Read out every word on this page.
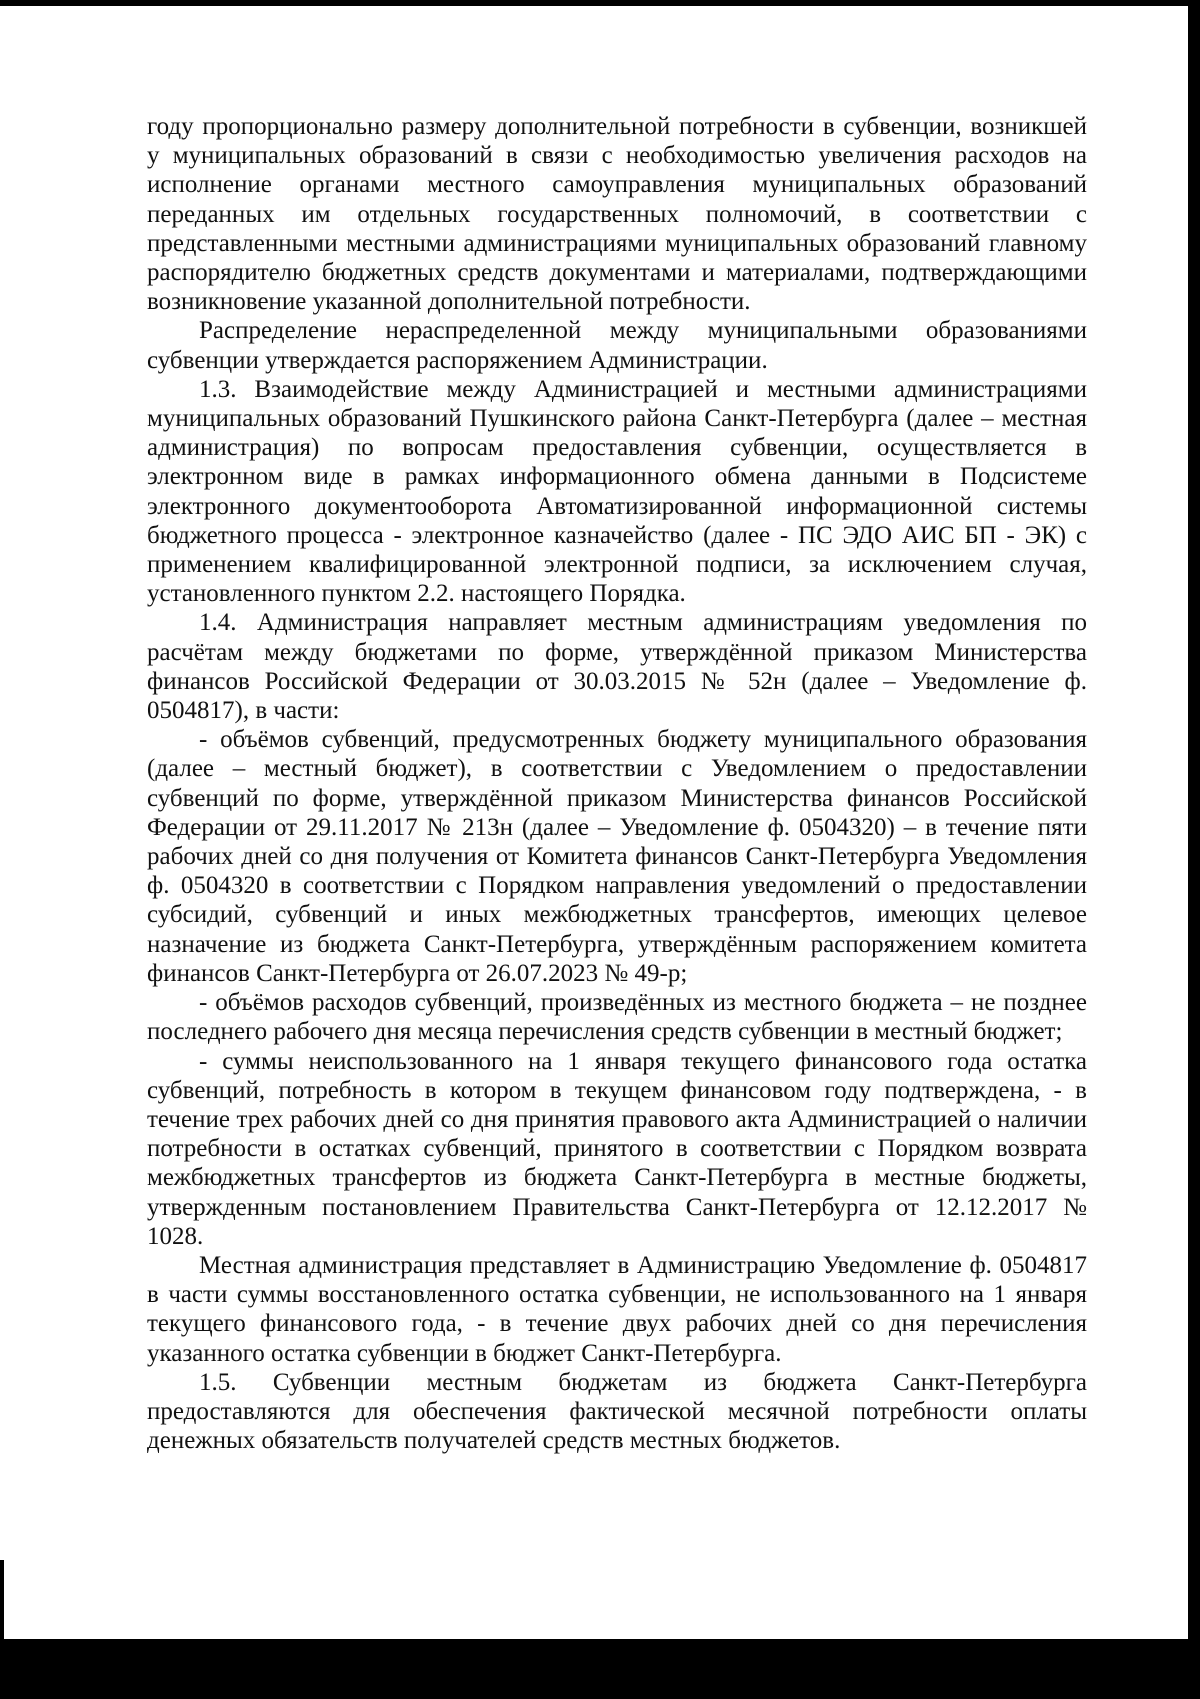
году пропорционально размеру дополнительной потребности в субвенции, возникшей у муниципальных образований в связи с необходимостью увеличения расходов на исполнение органами местного самоуправления муниципальных образований переданных им отдельных государственных полномочий, в соответствии с представленными местными администрациями муниципальных образований главному распорядителю бюджетных средств документами и материалами, подтверждающими возникновение указанной дополнительной потребности.

Распределение нераспределенной между муниципальными образованиями субвенции утверждается распоряжением Администрации.

1.3. Взаимодействие между Администрацией и местными администрациями муниципальных образований Пушкинского района Санкт-Петербурга (далее – местная администрация) по вопросам предоставления субвенции, осуществляется в электронном виде в рамках информационного обмена данными в Подсистеме электронного документооборота Автоматизированной информационной системы бюджетного процесса - электронное казначейство (далее - ПС ЭДО АИС БП - ЭК) с применением квалифицированной электронной подписи, за исключением случая, установленного пунктом 2.2. настоящего Порядка.

1.4. Администрация направляет местным администрациям уведомления по расчётам между бюджетами по форме, утверждённой приказом Министерства финансов Российской Федерации от 30.03.2015 № 52н (далее – Уведомление ф. 0504817), в части:

- объёмов субвенций, предусмотренных бюджету муниципального образования (далее – местный бюджет), в соответствии с Уведомлением о предоставлении субвенций по форме, утверждённой приказом Министерства финансов Российской Федерации от 29.11.2017 № 213н (далее – Уведомление ф. 0504320) – в течение пяти рабочих дней со дня получения от Комитета финансов Санкт-Петербурга Уведомления ф. 0504320 в соответствии с Порядком направления уведомлений о предоставлении субсидий, субвенций и иных межбюджетных трансфертов, имеющих целевое назначение из бюджета Санкт-Петербурга, утверждённым распоряжением комитета финансов Санкт-Петербурга от 26.07.2023 № 49-р;

- объёмов расходов субвенций, произведённых из местного бюджета – не позднее последнего рабочего дня месяца перечисления средств субвенции в местный бюджет;

- суммы неиспользованного на 1 января текущего финансового года остатка субвенций, потребность в котором в текущем финансовом году подтверждена, - в течение трех рабочих дней со дня принятия правового акта Администрацией о наличии потребности в остатках субвенций, принятого в соответствии с Порядком возврата межбюджетных трансфертов из бюджета Санкт-Петербурга в местные бюджеты, утвержденным постановлением Правительства Санкт-Петербурга от 12.12.2017 № 1028.

Местная администрация представляет в Администрацию Уведомление ф. 0504817 в части суммы восстановленного остатка субвенции, не использованного на 1 января текущего финансового года, - в течение двух рабочих дней со дня перечисления указанного остатка субвенции в бюджет Санкт-Петербурга.

1.5. Субвенции местным бюджетам из бюджета Санкт-Петербурга предоставляются для обеспечения фактической месячной потребности оплаты денежных обязательств получателей средств местных бюджетов.
